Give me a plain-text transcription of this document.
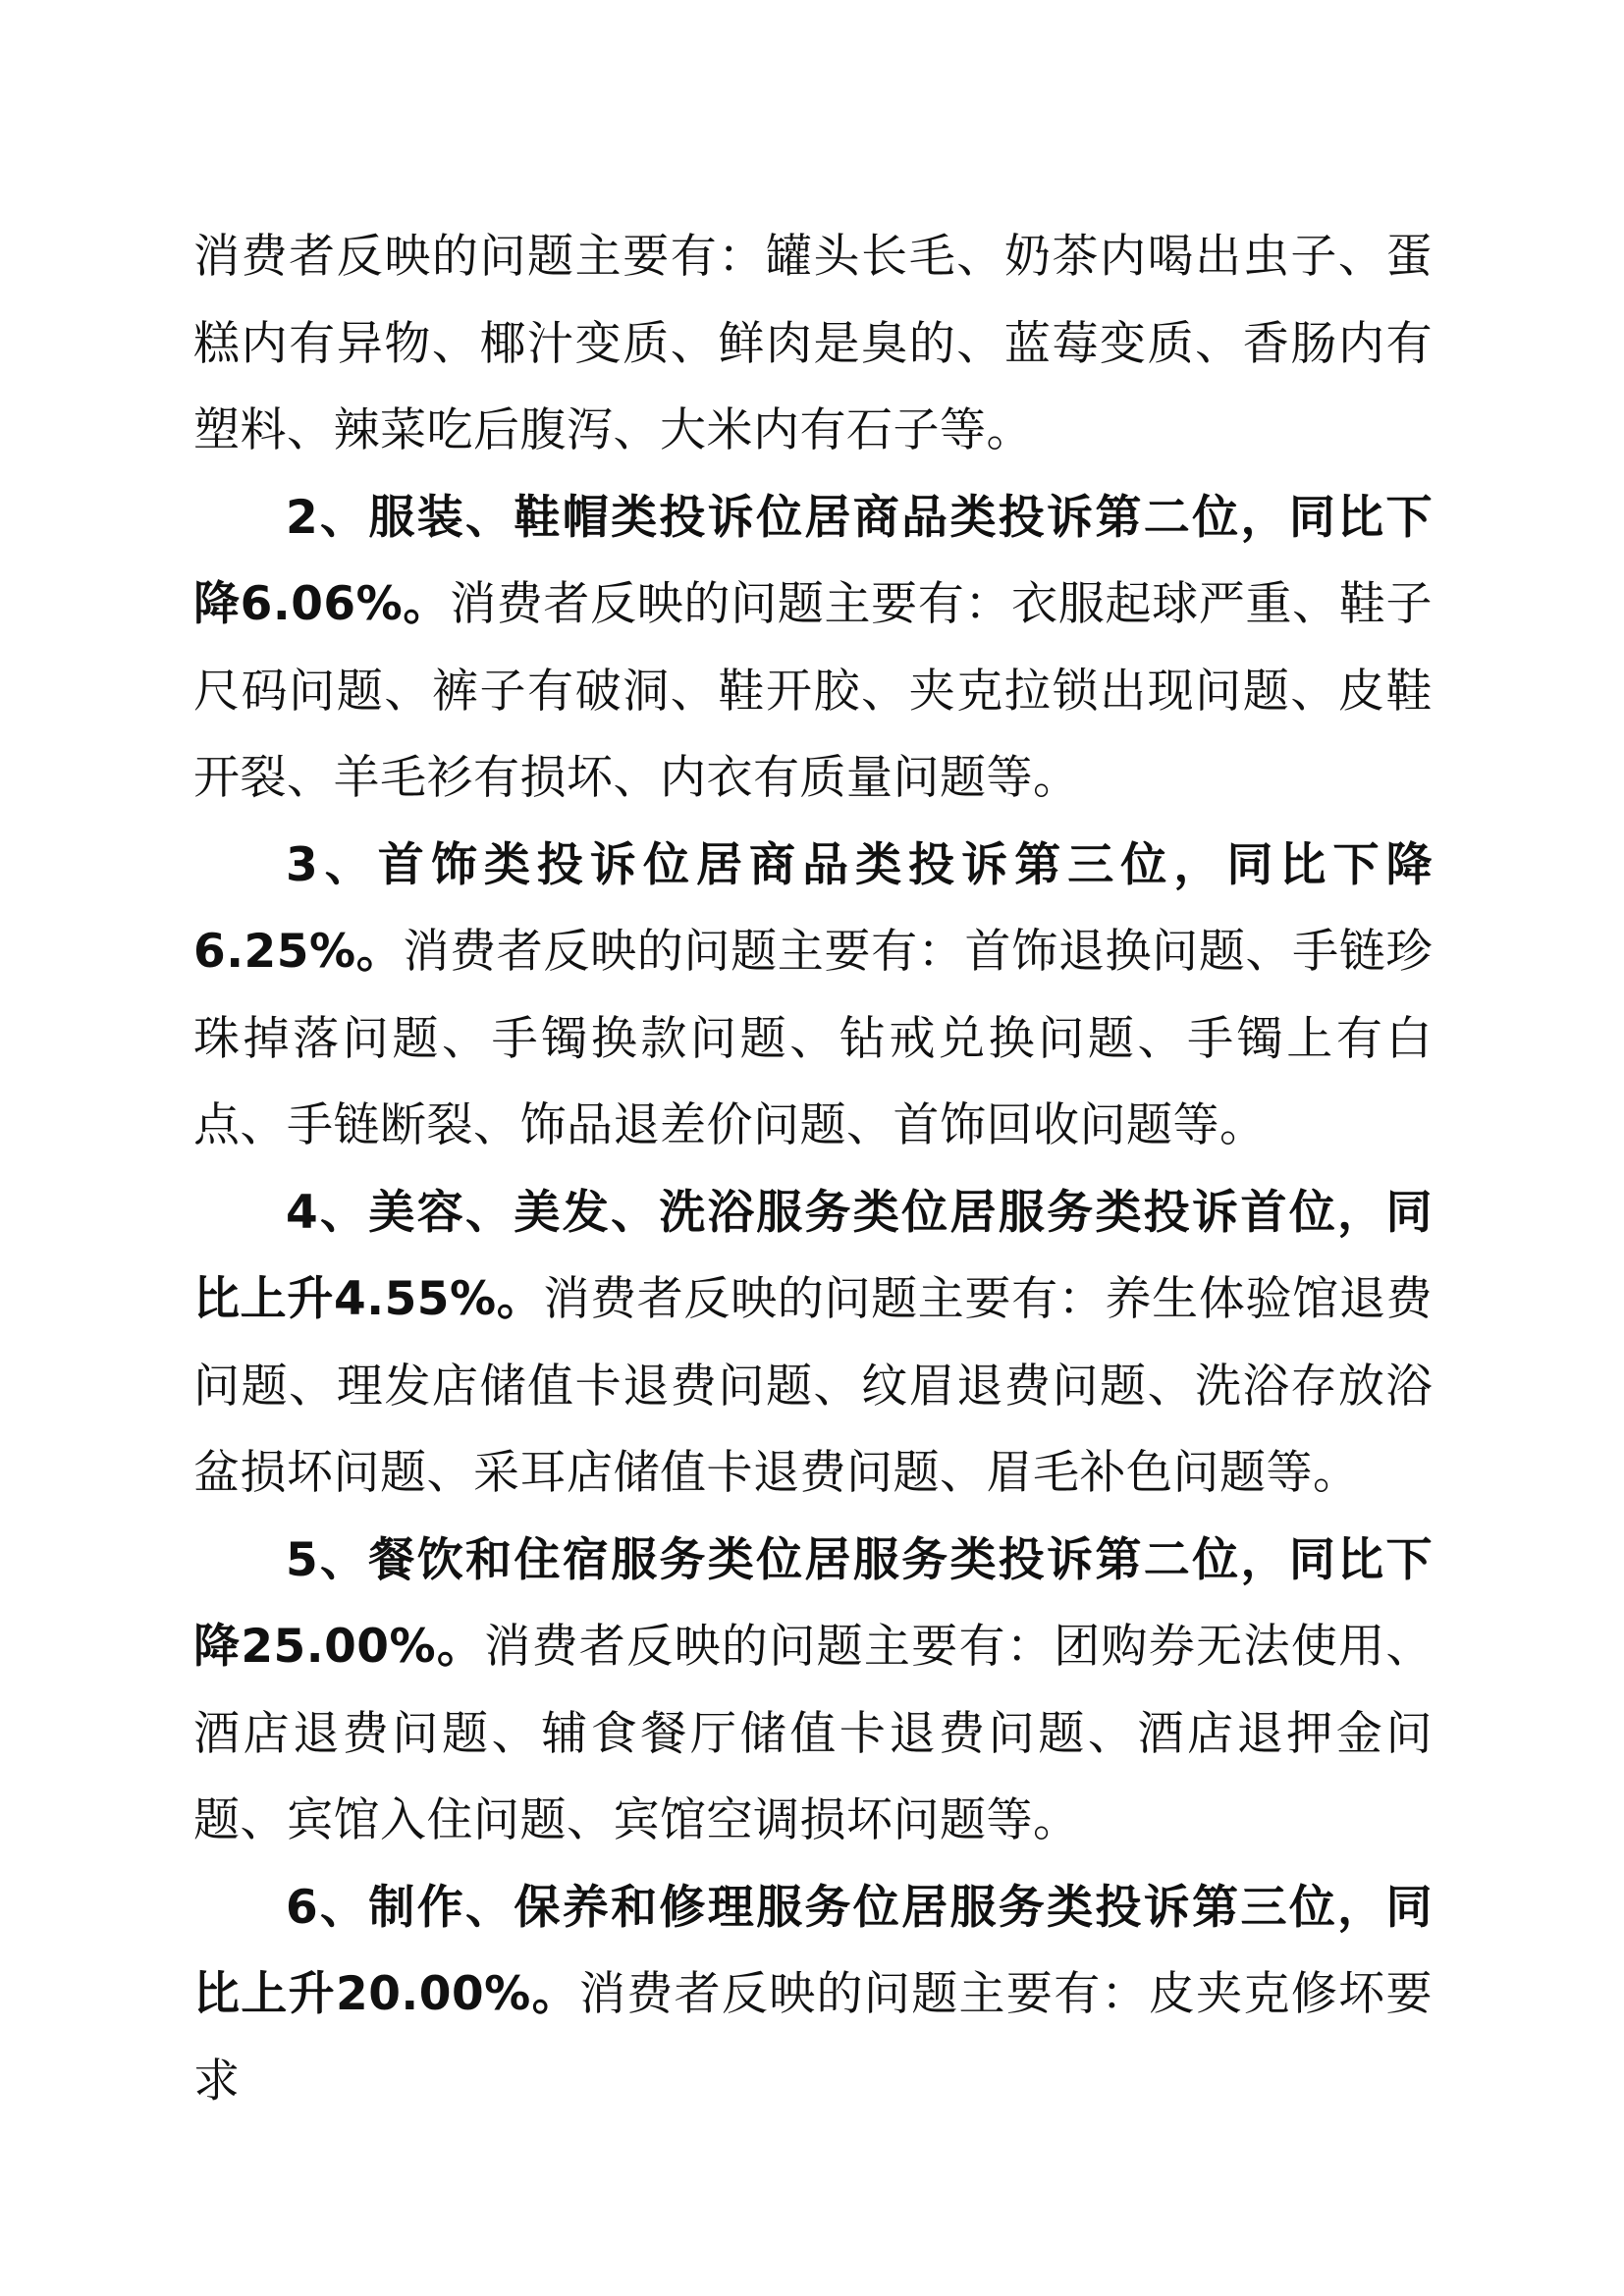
消费者反映的问题主要有：罐头长毛、奶茶内喝出虫子、蛋糕内有异物、椰汁变质、鲜肉是臭的、蓝莓变质、香肠内有塑料、辣菜吃后腹泻、大米内有石子等。

2、服装、鞋帽类投诉位居商品类投诉第二位，同比下降6.06%。消费者反映的问题主要有：衣服起球严重、鞋子尺码问题、裤子有破洞、鞋开胶、夹克拉锁出现问题、皮鞋开裂、羊毛衫有损坏、内衣有质量问题等。

3、首饰类投诉位居商品类投诉第三位，同比下降6.25%。消费者反映的问题主要有：首饰退换问题、手链珍珠掉落问题、手镯换款问题、钻戒兑换问题、手镯上有白点、手链断裂、饰品退差价问题、首饰回收问题等。

4、美容、美发、洗浴服务类位居服务类投诉首位，同比上升4.55%。消费者反映的问题主要有：养生体验馆退费问题、理发店储值卡退费问题、纹眉退费问题、洗浴存放浴盆损坏问题、采耳店储值卡退费问题、眉毛补色问题等。

5、餐饮和住宿服务类位居服务类投诉第二位，同比下降25.00%。消费者反映的问题主要有：团购券无法使用、酒店退费问题、辅食餐厅储值卡退费问题、酒店退押金问题、宾馆入住问题、宾馆空调损坏问题等。

6、制作、保养和修理服务位居服务类投诉第三位，同比上升20.00%。消费者反映的问题主要有：皮夹克修坏要求
